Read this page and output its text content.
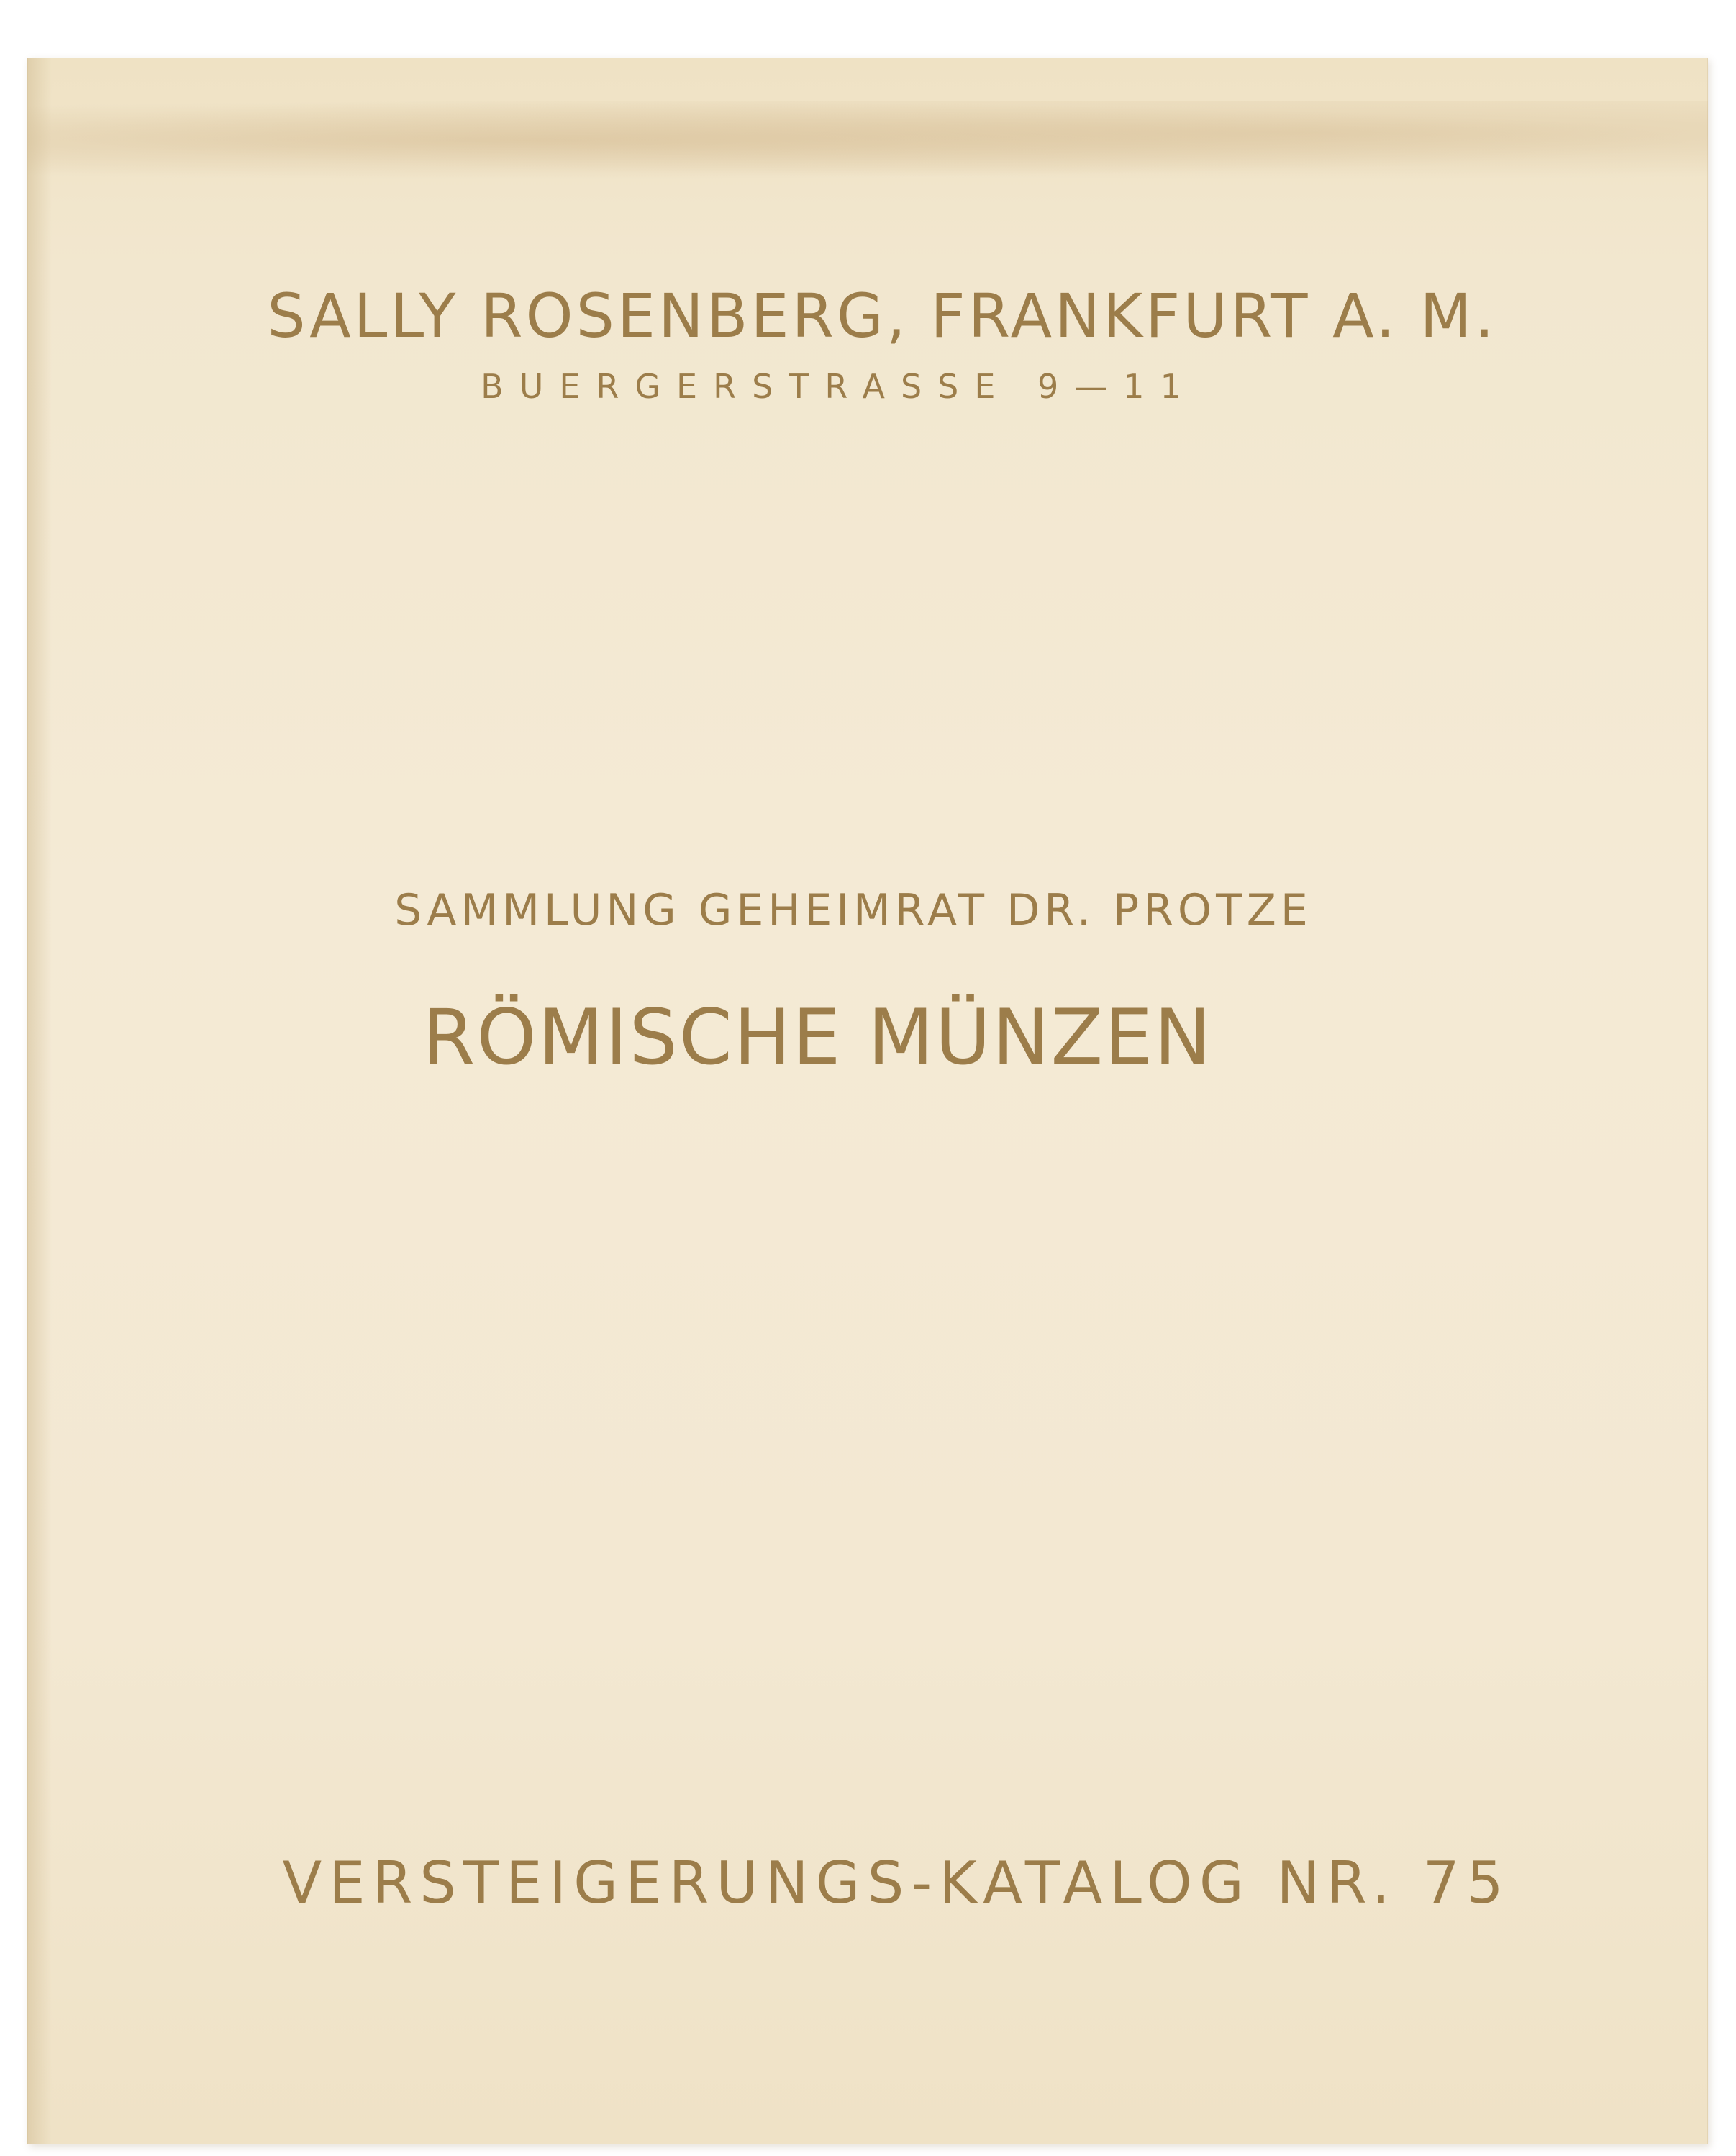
SALLY ROSENBERG, FRANKFURT A. M.
BUERGERSTRASSE 9—11
SAMMLUNG GEHEIMRAT DR. PROTZE
RÖMISCHE MÜNZEN
VERSTEIGERUNGS-KATALOG NR. 75
